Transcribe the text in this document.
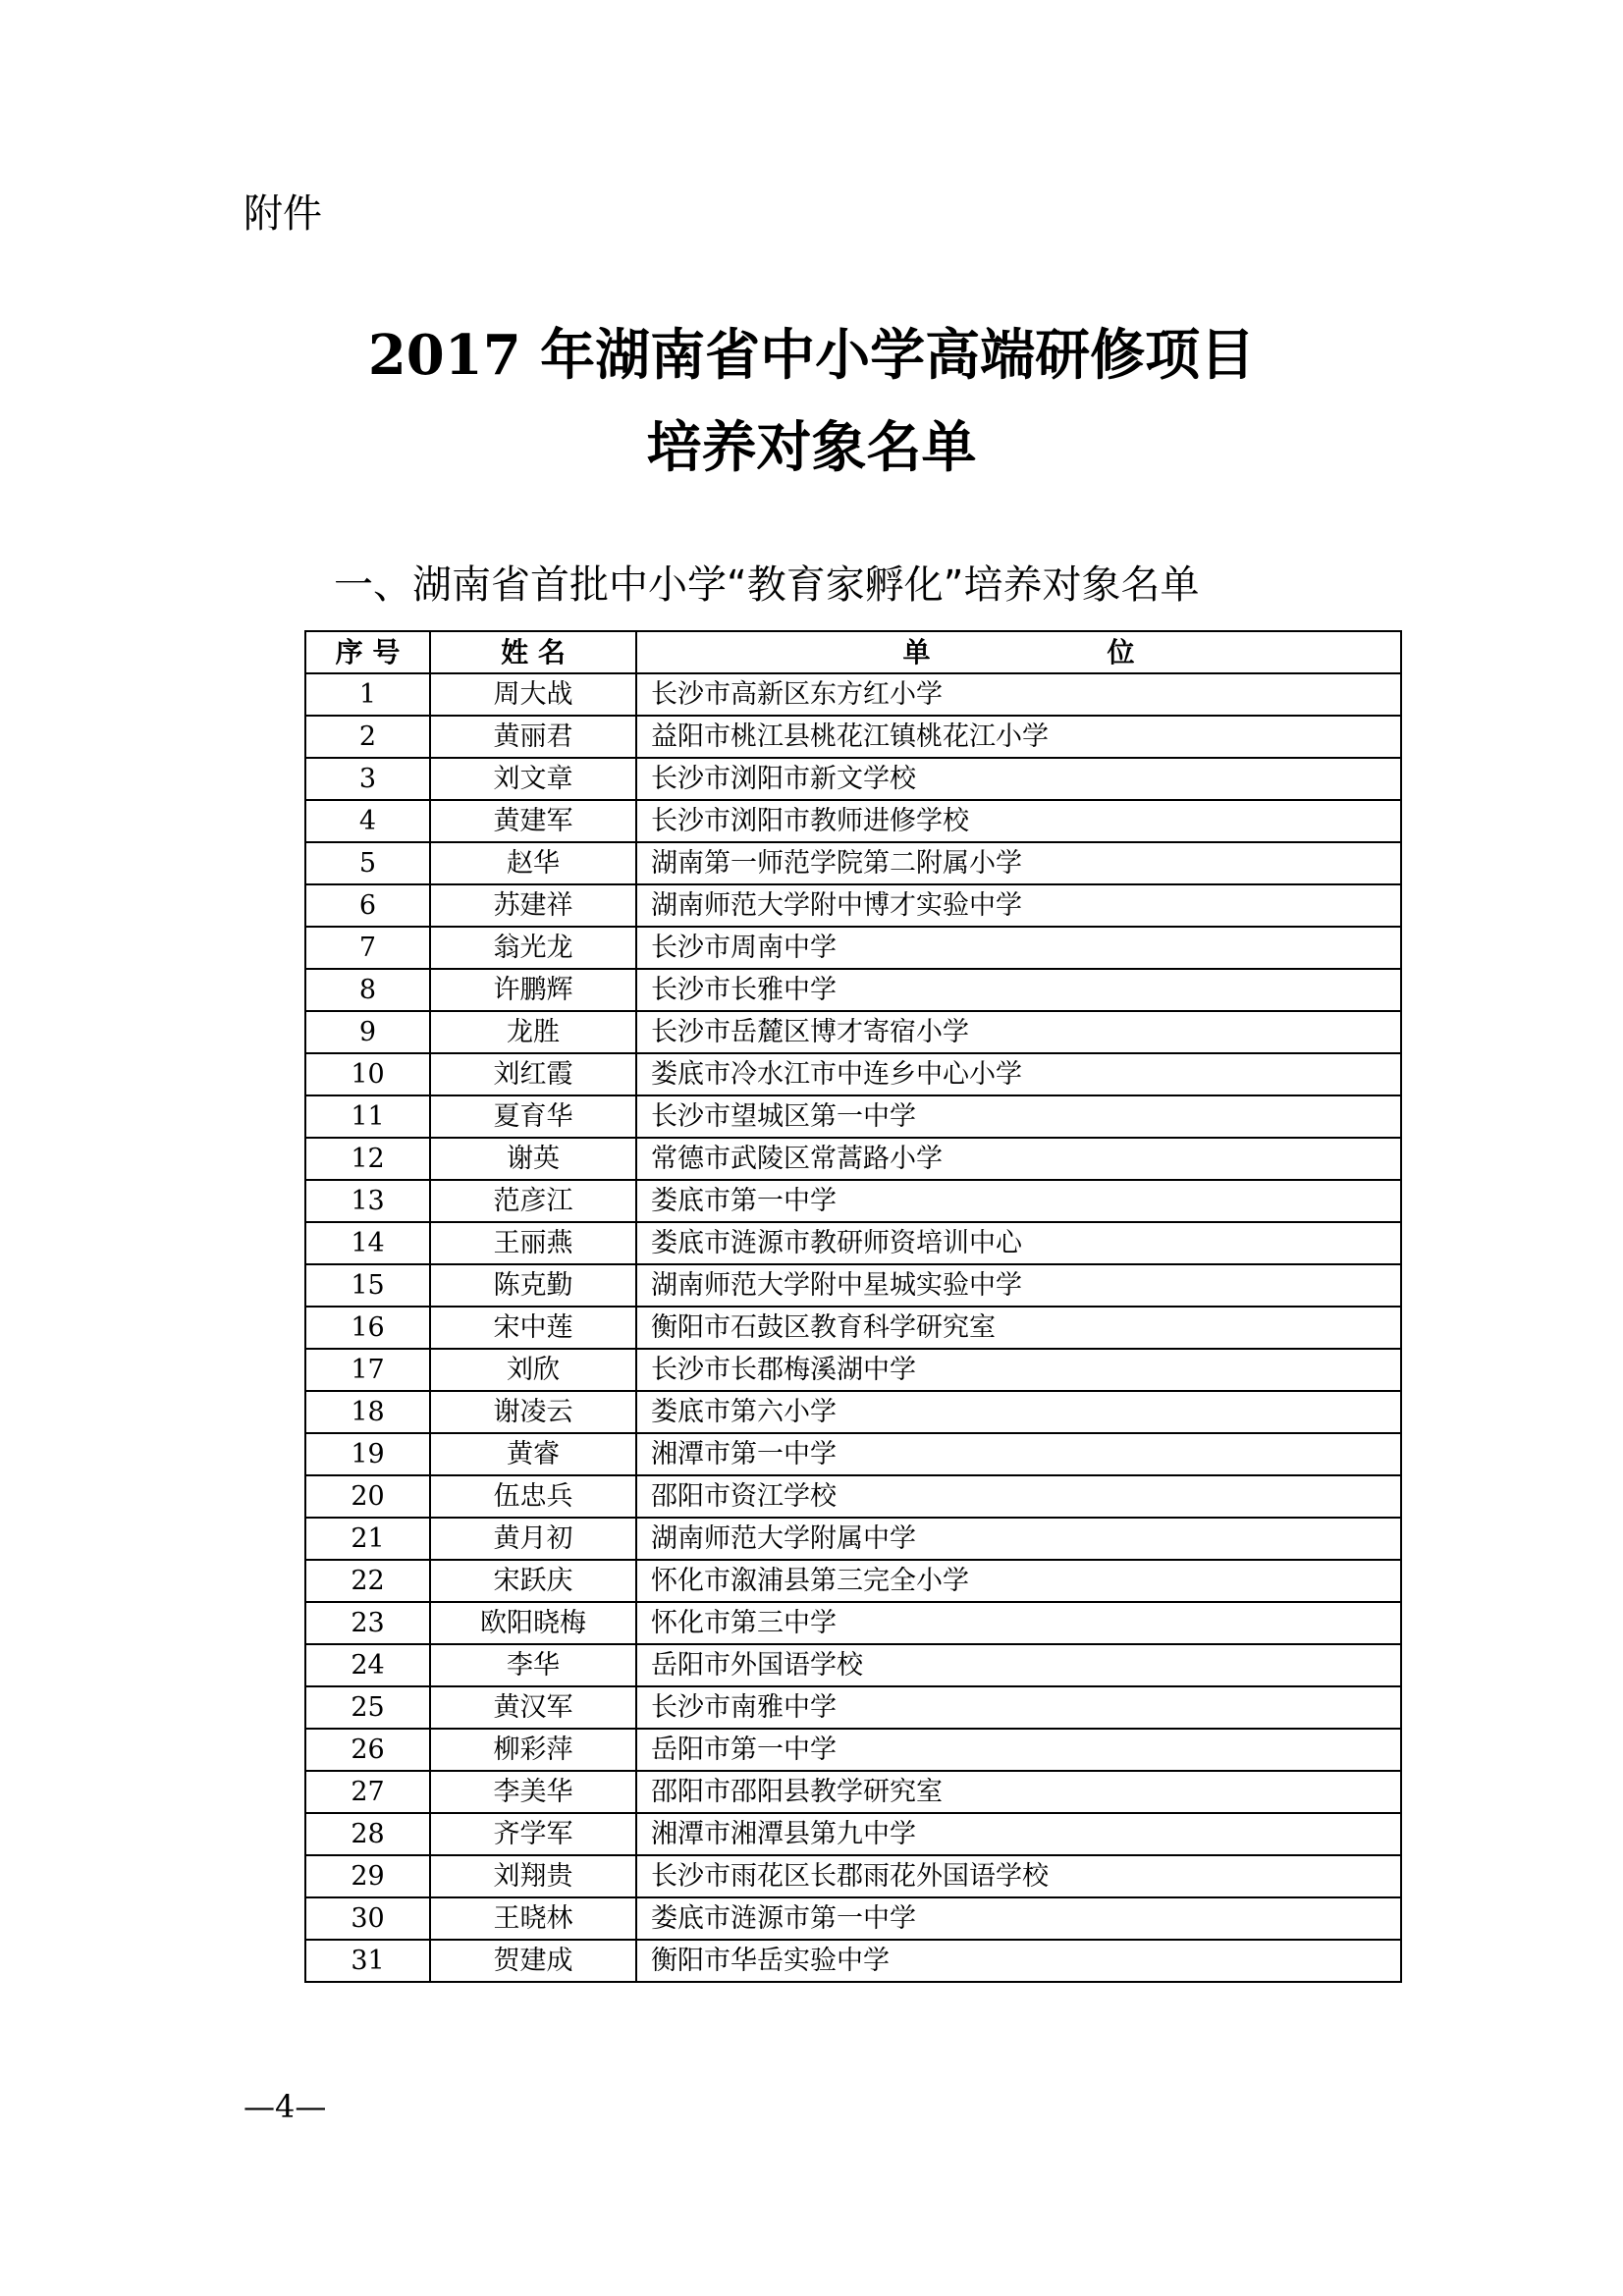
附件
2017 年湖南省中小学高端研修项目
培养对象名单
一、湖南省首批中小学“教育家孵化”培养对象名单
序 号	姓 名	单 位
1	周大战	长沙市高新区东方红小学
2	黄丽君	益阳市桃江县桃花江镇桃花江小学
3	刘文章	长沙市浏阳市新文学校
4	黄建军	长沙市浏阳市教师进修学校
5	赵华	湖南第一师范学院第二附属小学
6	苏建祥	湖南师范大学附中博才实验中学
7	翁光龙	长沙市周南中学
8	许鹏辉	长沙市长雅中学
9	龙胜	长沙市岳麓区博才寄宿小学
10	刘红霞	娄底市冷水江市中连乡中心小学
11	夏育华	长沙市望城区第一中学
12	谢英	常德市武陵区常蒿路小学
13	范彦江	娄底市第一中学
14	王丽燕	娄底市涟源市教研师资培训中心
15	陈克勤	湖南师范大学附中星城实验中学
16	宋中莲	衡阳市石鼓区教育科学研究室
17	刘欣	长沙市长郡梅溪湖中学
18	谢凌云	娄底市第六小学
19	黄睿	湘潭市第一中学
20	伍忠兵	邵阳市资江学校
21	黄月初	湖南师范大学附属中学
22	宋跃庆	怀化市溆浦县第三完全小学
23	欧阳晓梅	怀化市第三中学
24	李华	岳阳市外国语学校
25	黄汉军	长沙市南雅中学
26	柳彩萍	岳阳市第一中学
27	李美华	邵阳市邵阳县教学研究室
28	齐学军	湘潭市湘潭县第九中学
29	刘翔贵	长沙市雨花区长郡雨花外国语学校
30	王晓林	娄底市涟源市第一中学
31	贺建成	衡阳市华岳实验中学
—4—
